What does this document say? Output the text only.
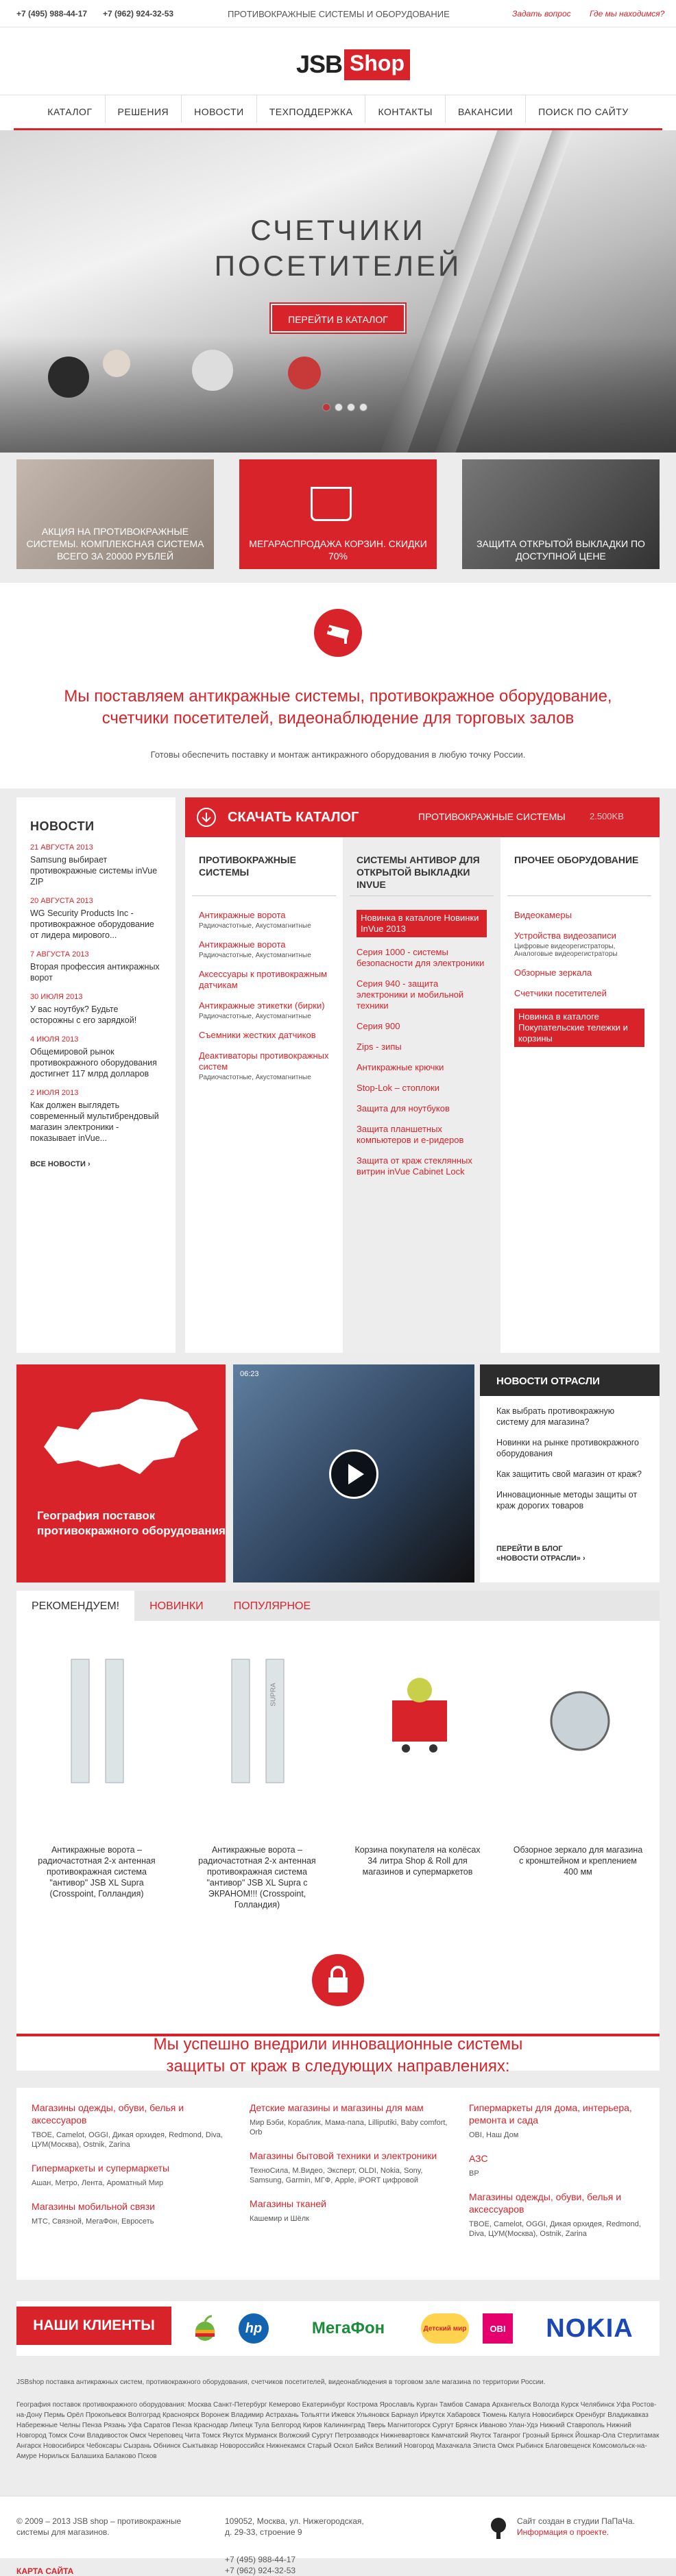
+7 (495) 988-44-17 +7 (962) 924-32-53	ПРОТИВОКРАЖНЫЕ СИСТЕМЫ И ОБОРУДОВАНИЕ	Задать вопрос Где мы находимся?
JSB Shop
КАТАЛОГ	РЕШЕНИЯ	НОВОСТИ	ТЕХПОДДЕРЖКА	КОНТАКТЫ	ВАКАНСИИ	ПОИСК ПО САЙТУ
СЧЕТЧИКИ
ПОСЕТИТЕЛЕЙ
ПЕРЕЙТИ В КАТАЛОГ
АКЦИЯ НА ПРОТИВОКРАЖНЫЕ СИСТЕМЫ. КОМПЛЕКСНАЯ СИСТЕМА ВСЕГО ЗА 20000 РУБЛЕЙ
МЕГАРАСПРОДАЖА КОРЗИН. СКИДКИ 70%
ЗАЩИТА ОТКРЫТОЙ ВЫКЛАДКИ ПО ДОСТУПНОЙ ЦЕНЕ
Мы поставляем антикражные системы, противокражное оборудование,
счетчики посетителей, видеонаблюдение для торговых залов

Готовы обеспечить поставку и монтаж антикражного оборудования в любую точку России.

НОВОСТИ
21 АВГУСТА 2013
Samsung выбирает противокражные системы inVue ZIP
20 АВГУСТА 2013
WG Security Products Inc - противокражное оборудование от лидера мирового...
7 АВГУСТА 2013
Вторая профессия антикражных ворот
30 ИЮЛЯ 2013
У вас ноутбук? Будьте осторожны с его зарядкой!
4 ИЮЛЯ 2013
Общемировой рынок противокражного оборудования достигнет 117 млрд долларов
2 ИЮЛЯ 2013
Как должен выглядеть современный мультибрендовый магазин электроники - показывает inVue...
ВСЕ НОВОСТИ ›
СКАЧАТЬ КАТАЛОГ	ПРОТИВОКРАЖНЫЕ СИСТЕМЫ	2.500KB
ПРОТИВОКРАЖНЫЕ СИСТЕМЫ
Антикражные ворота
Радиочастотные, Акустомагнитные
Антикражные ворота
Радиочастотные, Акустомагнитные
Аксессуары к противокражным датчикам
Антикражные этикетки (бирки)
Радиочастотные, Акустомагнитные
Съемники жестких датчиков
Деактиваторы противокражных систем
Радиочастотные, Акустомагнитные
СИСТЕМЫ АНТИВОР ДЛЯ ОТКРЫТОЙ ВЫКЛАДКИ INVUE
Новинка в каталоге Новинки InVue 2013
Серия 1000 - системы безопасности для электроники
Серия 940 - защита электроники и мобильной техники
Серия 900
Zips - зипы
Антикражные крючки
Stop-Lok – стоплоки
Защита для ноутбуков
Защита планшетных компьютеров и е-ридеров
Защита от краж стеклянных витрин inVue Cabinet Lock
ПРОЧЕЕ ОБОРУДОВАНИЕ
Видеокамеры
Устройства видеозаписи
Цифровые видеорегистраторы, Аналоговые видеорегистраторы
Обзорные зеркала
Счетчики посетителей
Новинка в каталоге Покупательские тележки и корзины
География поставок противокражного оборудования
06:23
НОВОСТИ ОТРАСЛИ
Как выбрать противокражную систему для магазина?
Новинки на рынке противокражного оборудования
Как защитить свой магазин от краж?
Инновационные методы защиты от краж дорогих товаров
ПЕРЕЙТИ В БЛОГ
«НОВОСТИ ОТРАСЛИ» ›
РЕКОМЕНДУЕМ!	НОВИНКИ	ПОПУЛЯРНОЕ
Антикражные ворота – радиочастотная 2-х антенная противокражная система "антивор" JSB XL Supra (Crosspoint, Голландия)
SUPRA
Антикражные ворота – радиочастотная 2-х антенная противокражная система "антивор" JSB XL Supra с ЭКРАНОМ!!! (Crosspoint, Голландия)
Корзина покупателя на колёсах 34 литра Shop & Roll для магазинов и супермаркетов
Обзорное зеркало для магазина с кронштейном и креплением 400 мм
Мы успешно внедрили инновационные системы
защиты от краж в следующих направлениях:
Магазины одежды, обуви, белья и аксессуаров
TBOE, Camelot, OGGI, Дикая орхидея, Redmond, Diva, ЦУМ(Москва), Ostnik, Zarina
Гипермаркеты и супермаркеты
Ашан, Метро, Лента, Ароматный Мир
Магазины мобильной связи
МТС, Связной, МегаФон, Евросеть
Детские магазины и магазины для мам
Мир Бэби, Кораблик, Мама-папа, Lilliputiki, Baby comfort, Orb
Магазины бытовой техники и электроники
ТехноСила, М.Видео, Эксперт, OLDI, Nokia, Sony, Samsung, Garmin, МГФ, Apple, iPORT цифровой
Магазины тканей
Кашемир и Шёлк
Гипермаркеты для дома, интерьера, ремонта и сада
OBI, Наш Дом
АЗС
BP
Магазины одежды, обуви, белья и аксессуаров
TBOE, Camelot, OGGI, Дикая орхидея, Redmond, Diva, ЦУМ(Москва), Ostnik, Zarina
НАШИ КЛИЕНТЫ	hp	МегаФон	Детский мир	OBI	NOKIA
JSBshop поставка антикражных систем, противокражного оборудования, счетчиков посетителей, видеонаблюдения в торговом зале магазина по территории России.
География поставок противокражного оборудования: Москва Санкт-Петербург Кемерово Екатеринбург Кострома Ярославль Курган Тамбов Самара Архангельск Вологда Курск Челябинск Уфа Ростов-на-Дону Пермь Орёл Прокопьевск Волгоград Красноярск Воронеж Владимир Астрахань Тольятти Ижевск Ульяновск Барнаул Иркутск Хабаровск Тюмень Калуга Новосибирск Оренбург Владикавказ Набережные Челны Пенза Рязань Уфа Саратов Пенза Краснодар Липецк Тула Белгород Киров Калининград Тверь Магнитогорск Сургут Брянск Иваново Улан-Удэ Нижний Ставрополь Нижний Новгород Томск Сочи Владивосток Омск Череповец Чита Томск Якутск Мурманск Волжский Сургут Петрозаводск Нижневартовск Камчатский Якутск Таганрог Грозный Брянск Йошкар-Ола Стерлитамак Ангарск Новосибирск Чебоксары Сызрань Обнинск Сыктывкар Новороссийск Нижнекамск Старый Оскол Бийск Великий Новгород Махачкала Элиста Омск Рыбинск Благовещенск Комсомольск-на-Амуре Норильск Балашиха Балаково Псков
© 2009 – 2013 JSB shop – противокражные
системы для магазинов.
109052, Москва, ул. Нижегородская,
д. 29-33, строение 9
+7 (495) 988-44-17
+7 (962) 924-32-53
Сайт создан в студии ПаПаЧа.
Информация о проекте.
КАРТА САЙТА
